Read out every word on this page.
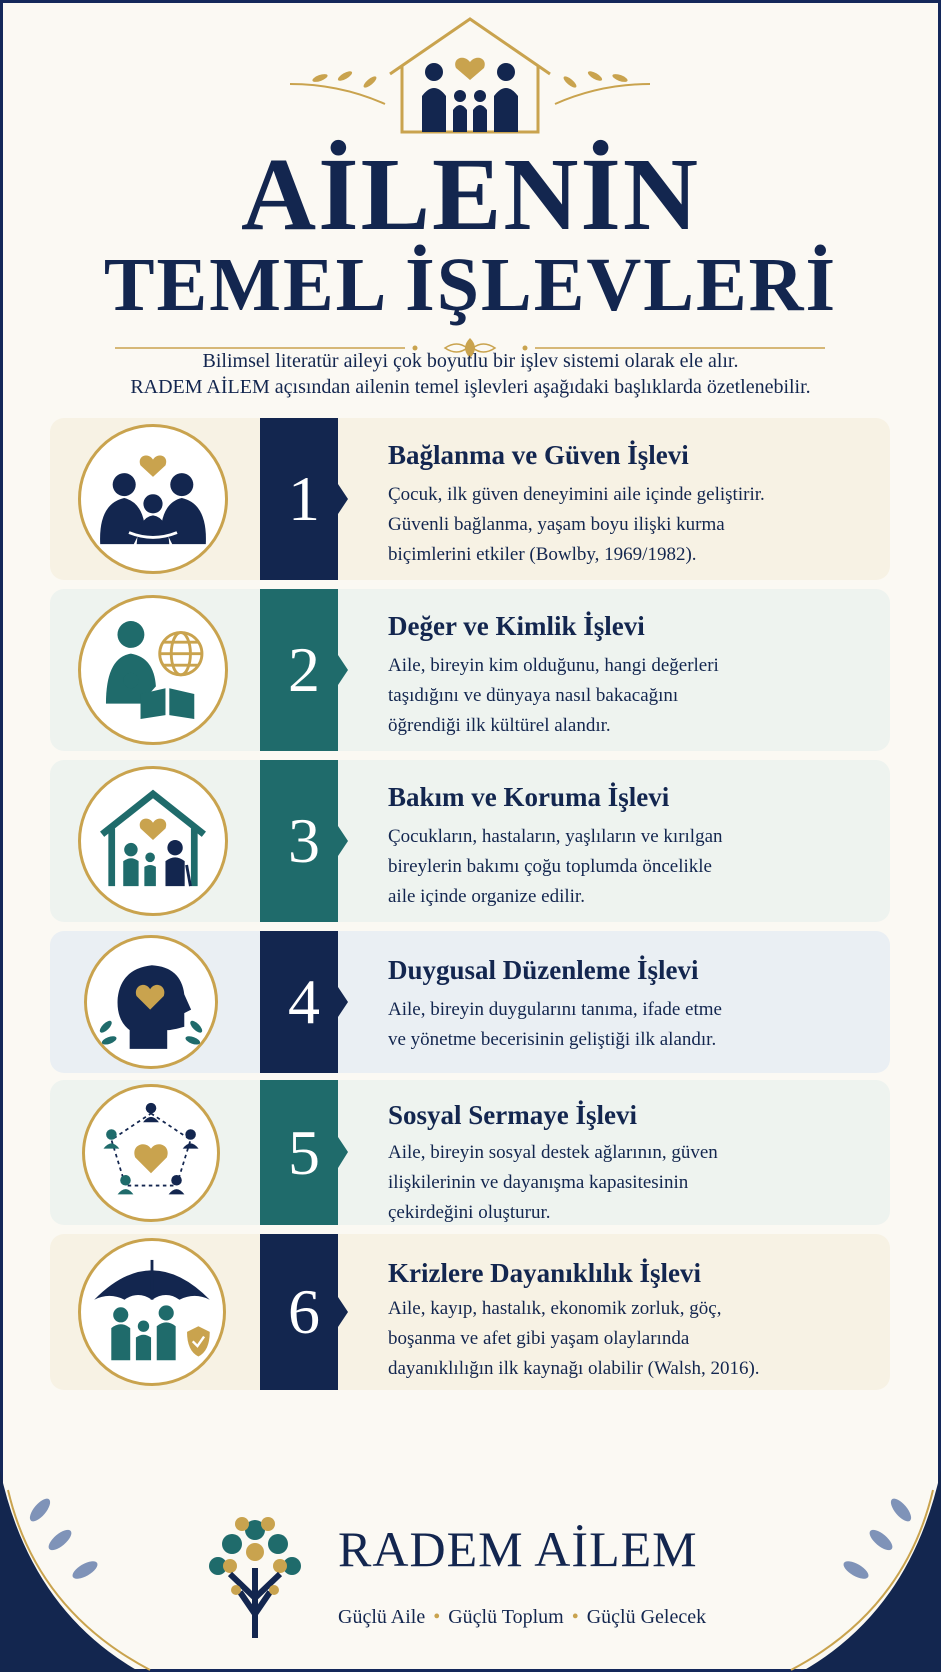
AİLENİN
TEMEL İŞLEVLERİ
Bilimsel literatür aileyi çok boyutlu bir işlev sistemi olarak ele alır.
RADEM AİLEM açısından ailenin temel işlevleri aşağıdaki başlıklarda özetlenebilir.
1
Bağlanma ve Güven İşlevi
Çocuk, ilk güven deneyimini aile içinde geliştirir.
Güvenli bağlanma, yaşam boyu ilişki kurma
biçimlerini etkiler (Bowlby, 1969/1982).
2
Değer ve Kimlik İşlevi
Aile, bireyin kim olduğunu, hangi değerleri
taşıdığını ve dünyaya nasıl bakacağını
öğrendiği ilk kültürel alandır.
3
Bakım ve Koruma İşlevi
Çocukların, hastaların, yaşlıların ve kırılgan
bireylerin bakımı çoğu toplumda öncelikle
aile içinde organize edilir.
4	Duygusal Düzenleme İşlevi
Aile, bireyin duygularını tanıma, ifade etme
ve yönetme becerisinin geliştiği ilk alandır.
5
Sosyal Sermaye İşlevi
Aile, bireyin sosyal destek ağlarının, güven
ilişkilerinin ve dayanışma kapasitesinin
çekirdeğini oluşturur.
6
Krizlere Dayanıklılık İşlevi
Aile, kayıp, hastalık, ekonomik zorluk, göç,
boşanma ve afet gibi yaşam olaylarında
dayanıklılığın ilk kaynağı olabilir (Walsh, 2016).
RADEM AİLEM
Güçlü Aile • Güçlü Toplum • Güçlü Gelecek
